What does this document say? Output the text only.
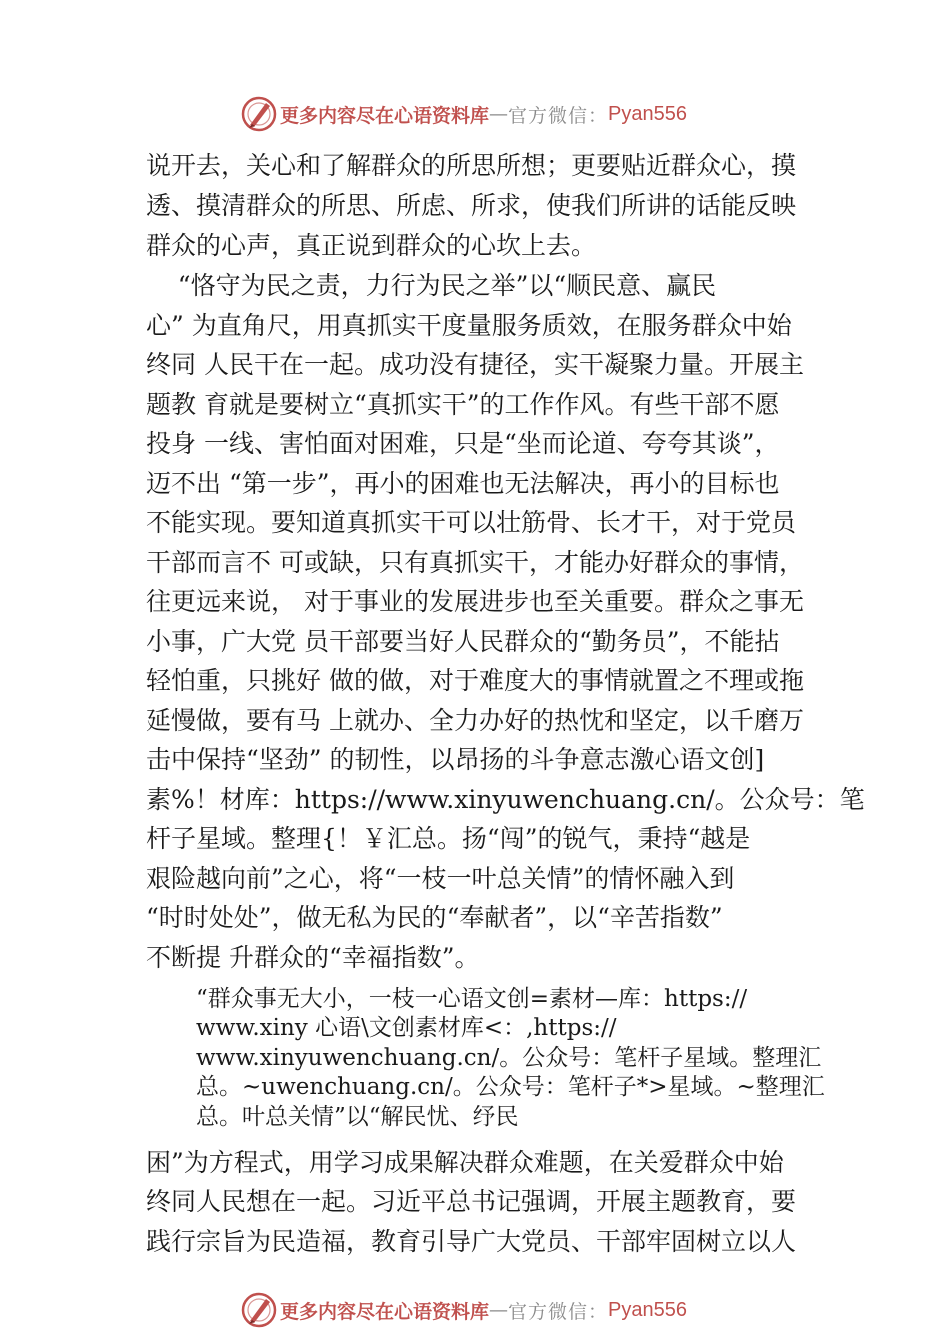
更多内容尽在心语资料库 — 官方微信： Pyan556
说开去，关心和了解群众的所思所想；更要贴近群众心，摸
透、摸清群众的所思、所虑、所求，使我们所讲的话能反映
群众的心声，真正说到群众的心坎上去。
“恪守为民之责，力行为民之举”以“顺民意、赢民
心” 为直角尺，用真抓实干度量服务质效，在服务群众中始
终同 人民干在一起。成功没有捷径，实干凝聚力量。开展主
题教 育就是要树立“真抓实干”的工作作风。有些干部不愿
投身 一线、害怕面对困难，只是“坐而论道、夸夸其谈”，
迈不出 “第一步”，再小的困难也无法解决，再小的目标也
不能实现。要知道真抓实干可以壮筋骨、长才干，对于党员
干部而言不 可或缺，只有真抓实干，才能办好群众的事情，
往更远来说， 对于事业的发展进步也至关重要。群众之事无
小事，广大党 员干部要当好人民群众的“勤务员”，不能拈
轻怕重，只挑好 做的做，对于难度大的事情就置之不理或拖
延慢做，要有马 上就办、全力办好的热忱和坚定，以千磨万
击中保持“坚劲” 的韧性，以昂扬的斗争意志激心语文创]
素%！材库：https://www.xinyuwenchuang.cn/。公众号：笔
杆子星域。整理{！￥汇总。扬“闯”的锐气，秉持“越是
艰险越向前”之心，将“一枝一叶总关情”的情怀融入到
“时时处处”，做无私为民的“奉献者”，以“辛苦指数”
不断提 升群众的“幸福指数”。
“群众事无大小，一枝一心语文创=素材—库：https://
www.xiny 心语\文创素材库<：,https://
www.xinyuwenchuang.cn/。公众号：笔杆子星域。整理汇
总。~uwenchuang.cn/。公众号：笔杆子*>星域。~整理汇
总。叶总关情”以“解民忧、纾民
困”为方程式，用学习成果解决群众难题，在关爱群众中始
终同人民想在一起。习近平总书记强调，开展主题教育，要
践行宗旨为民造福，教育引导广大党员、干部牢固树立以人
更多内容尽在心语资料库 — 官方微信： Pyan556
